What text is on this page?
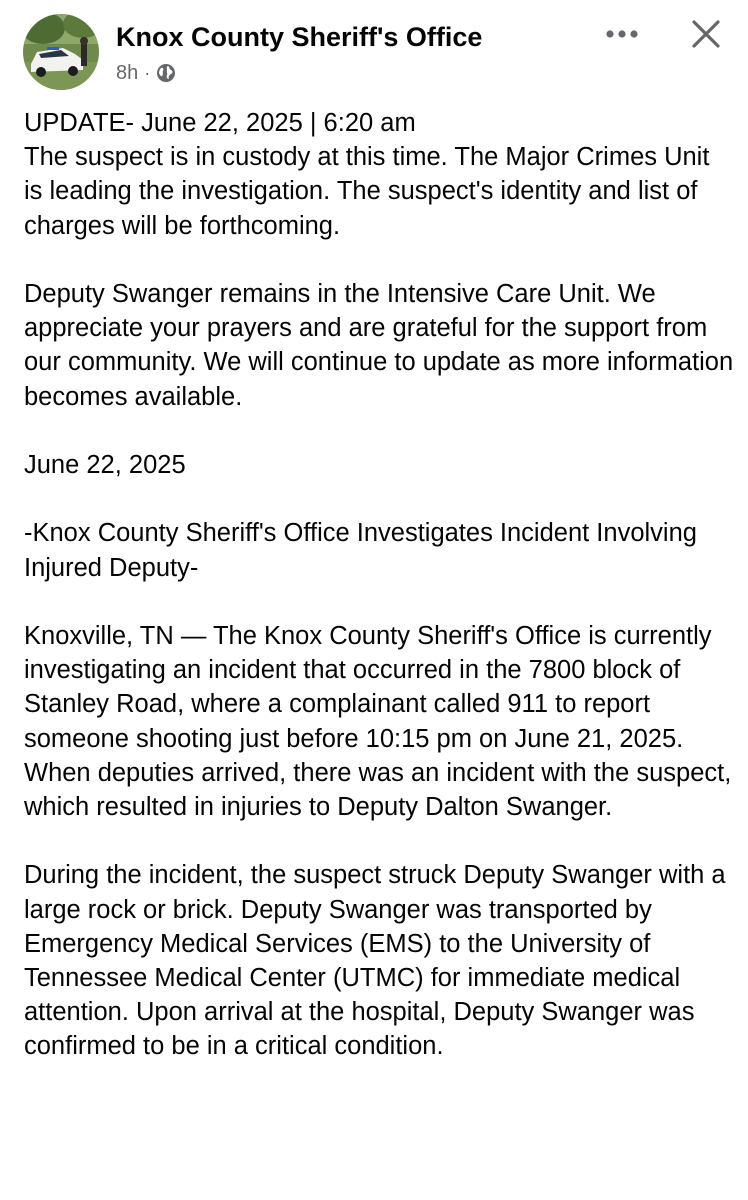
Knox County Sheriff's Office
8h ·

UPDATE- June 22, 2025 | 6:20 am
The suspect is in custody at this time. The Major Crimes Unit is leading the investigation. The suspect's identity and list of charges will be forthcoming.

Deputy Swanger remains in the Intensive Care Unit. We appreciate your prayers and are grateful for the support from our community. We will continue to update as more information becomes available.

June 22, 2025

-Knox County Sheriff's Office Investigates Incident Involving Injured Deputy-

Knoxville, TN — The Knox County Sheriff's Office is currently investigating an incident that occurred in the 7800 block of Stanley Road, where a complainant called 911 to report someone shooting just before 10:15 pm on June 21, 2025. When deputies arrived, there was an incident with the suspect, which resulted in injuries to Deputy Dalton Swanger.

During the incident, the suspect struck Deputy Swanger with a large rock or brick. Deputy Swanger was transported by Emergency Medical Services (EMS) to the University of Tennessee Medical Center (UTMC) for immediate medical attention. Upon arrival at the hospital, Deputy Swanger was confirmed to be in a critical condition.
